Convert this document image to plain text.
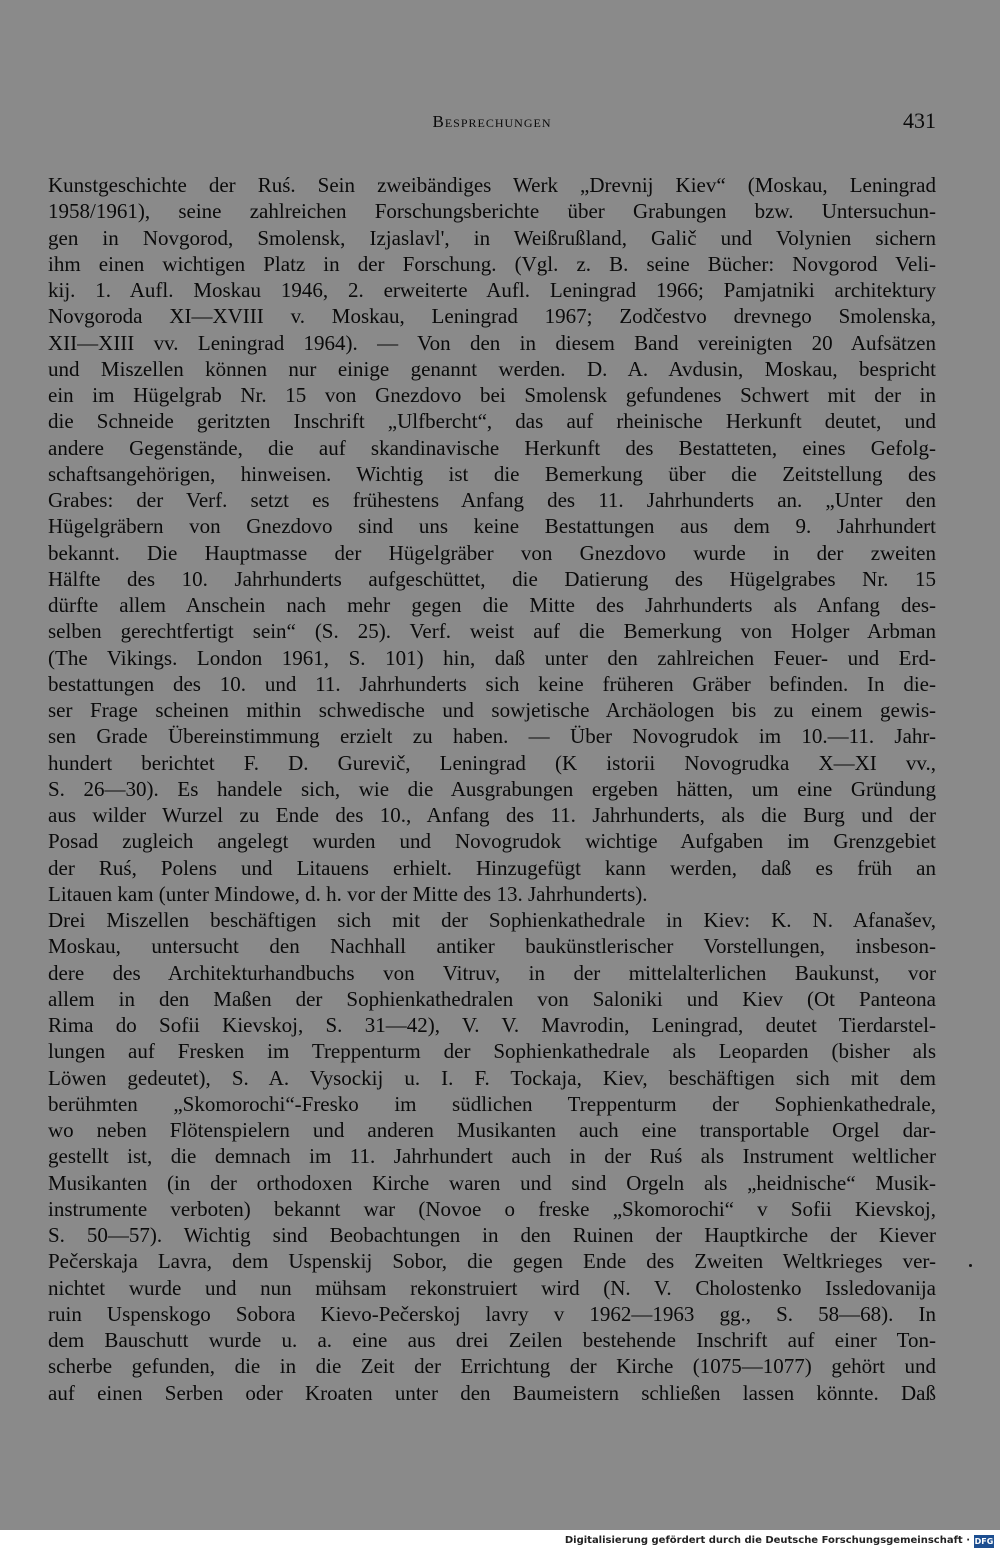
Besprechungen	431
Kunstgeschichte der Ruś. Sein zweibändiges Werk „Drevnij Kiev“ (Moskau, Leningrad
1958/1961), seine zahlreichen Forschungsberichte über Grabungen bzw. Untersuchun-
gen in Novgorod, Smolensk, Izjaslavl', in Weißrußland, Galič und Volynien sichern
ihm einen wichtigen Platz in der Forschung. (Vgl. z. B. seine Bücher: Novgorod Veli-
kij. 1. Aufl. Moskau 1946, 2. erweiterte Aufl. Leningrad 1966; Pamjatniki architektury
Novgoroda XI—XVIII v. Moskau, Leningrad 1967; Zodčestvo drevnego Smolenska,
XII—XIII vv. Leningrad 1964). — Von den in diesem Band vereinigten 20 Aufsätzen
und Miszellen können nur einige genannt werden. D. A. Avdusin, Moskau, bespricht
ein im Hügelgrab Nr. 15 von Gnezdovo bei Smolensk gefundenes Schwert mit der in
die Schneide geritzten Inschrift „Ulfbercht“, das auf rheinische Herkunft deutet, und
andere Gegenstände, die auf skandinavische Herkunft des Bestatteten, eines Gefolg-
schaftsangehörigen, hinweisen. Wichtig ist die Bemerkung über die Zeitstellung des
Grabes: der Verf. setzt es frühestens Anfang des 11. Jahrhunderts an. „Unter den
Hügelgräbern von Gnezdovo sind uns keine Bestattungen aus dem 9. Jahrhundert
bekannt. Die Hauptmasse der Hügelgräber von Gnezdovo wurde in der zweiten
Hälfte des 10. Jahrhunderts aufgeschüttet, die Datierung des Hügelgrabes Nr. 15
dürfte allem Anschein nach mehr gegen die Mitte des Jahrhunderts als Anfang des-
selben gerechtfertigt sein“ (S. 25). Verf. weist auf die Bemerkung von Holger Arbman
(The Vikings. London 1961, S. 101) hin, daß unter den zahlreichen Feuer- und Erd-
bestattungen des 10. und 11. Jahrhunderts sich keine früheren Gräber befinden. In die-
ser Frage scheinen mithin schwedische und sowjetische Archäologen bis zu einem gewis-
sen Grade Übereinstimmung erzielt zu haben. — Über Novogrudok im 10.—11. Jahr-
hundert berichtet F. D. Gurevič, Leningrad (K istorii Novogrudka X—XI vv.,
S. 26—30). Es handele sich, wie die Ausgrabungen ergeben hätten, um eine Gründung
aus wilder Wurzel zu Ende des 10., Anfang des 11. Jahrhunderts, als die Burg und der
Posad zugleich angelegt wurden und Novogrudok wichtige Aufgaben im Grenzgebiet
der Ruś, Polens und Litauens erhielt. Hinzugefügt kann werden, daß es früh an
Litauen kam (unter Mindowe, d. h. vor der Mitte des 13. Jahrhunderts).
Drei Miszellen beschäftigen sich mit der Sophienkathedrale in Kiev: K. N. Afanašev,
Moskau, untersucht den Nachhall antiker baukünstlerischer Vorstellungen, insbeson-
dere des Architekturhandbuchs von Vitruv, in der mittelalterlichen Baukunst, vor
allem in den Maßen der Sophienkathedralen von Saloniki und Kiev (Ot Panteona
Rima do Sofii Kievskoj, S. 31—42), V. V. Mavrodin, Leningrad, deutet Tierdarstel-
lungen auf Fresken im Treppenturm der Sophienkathedrale als Leoparden (bisher als
Löwen gedeutet), S. A. Vysockij u. I. F. Tockaja, Kiev, beschäftigen sich mit dem
berühmten „Skomorochi“-Fresko im südlichen Treppenturm der Sophienkathedrale,
wo neben Flötenspielern und anderen Musikanten auch eine transportable Orgel dar-
gestellt ist, die demnach im 11. Jahrhundert auch in der Ruś als Instrument weltlicher
Musikanten (in der orthodoxen Kirche waren und sind Orgeln als „heidnische“ Musik-
instrumente verboten) bekannt war (Novoe o freske „Skomorochi“ v Sofii Kievskoj,
S. 50—57). Wichtig sind Beobachtungen in den Ruinen der Hauptkirche der Kiever
Pečerskaja Lavra, dem Uspenskij Sobor, die gegen Ende des Zweiten Weltkrieges ver-
nichtet wurde und nun mühsam rekonstruiert wird (N. V. Cholostenko Issledovanija
ruin Uspenskogo Sobora Kievo-Pečerskoj lavry v 1962—1963 gg., S. 58—68). In
dem Bauschutt wurde u. a. eine aus drei Zeilen bestehende Inschrift auf einer Ton-
scherbe gefunden, die in die Zeit der Errichtung der Kirche (1075—1077) gehört und
auf einen Serben oder Kroaten unter den Baumeistern schließen lassen könnte. Daß
Digitalisierung gefördert durch die Deutsche Forschungsgemeinschaft · DFG
